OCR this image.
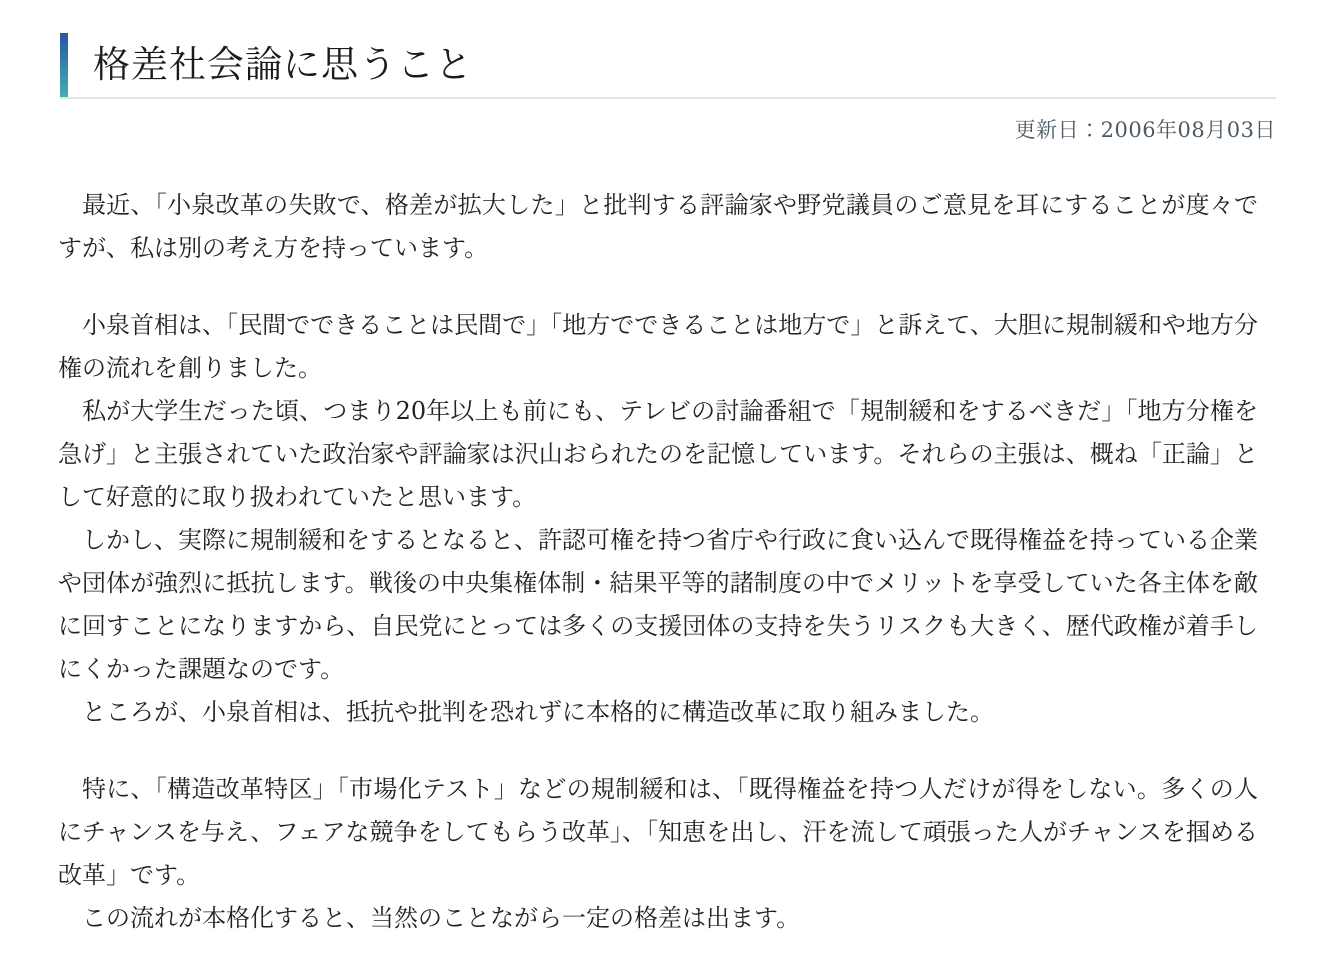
格差社会論に思うこと
更新日：2006年08月03日

最近、「小泉改革の失敗で、格差が拡大した」と批判する評論家や野党議員のご意見を耳にすることが度々ですが、私は別の考え方を持っています。

小泉首相は、「民間でできることは民間で」「地方でできることは地方で」と訴えて、大胆に規制緩和や地方分権の流れを創りました。

私が大学生だった頃、つまり20年以上も前にも、テレビの討論番組で「規制緩和をするべきだ」「地方分権を急げ」と主張されていた政治家や評論家は沢山おられたのを記憶しています。それらの主張は、概ね「正論」として好意的に取り扱われていたと思います。

しかし、実際に規制緩和をするとなると、許認可権を持つ省庁や行政に食い込んで既得権益を持っている企業や団体が強烈に抵抗します。戦後の中央集権体制・結果平等的諸制度の中でメリットを享受していた各主体を敵に回すことになりますから、自民党にとっては多くの支援団体の支持を失うリスクも大きく、歴代政権が着手しにくかった課題なのです。

ところが、小泉首相は、抵抗や批判を恐れずに本格的に構造改革に取り組みました。

特に、「構造改革特区」「市場化テスト」などの規制緩和は、「既得権益を持つ人だけが得をしない。多くの人にチャンスを与え、フェアな競争をしてもらう改革」、「知恵を出し、汗を流して頑張った人がチャンスを掴める改革」です。

この流れが本格化すると、当然のことながら一定の格差は出ます。
